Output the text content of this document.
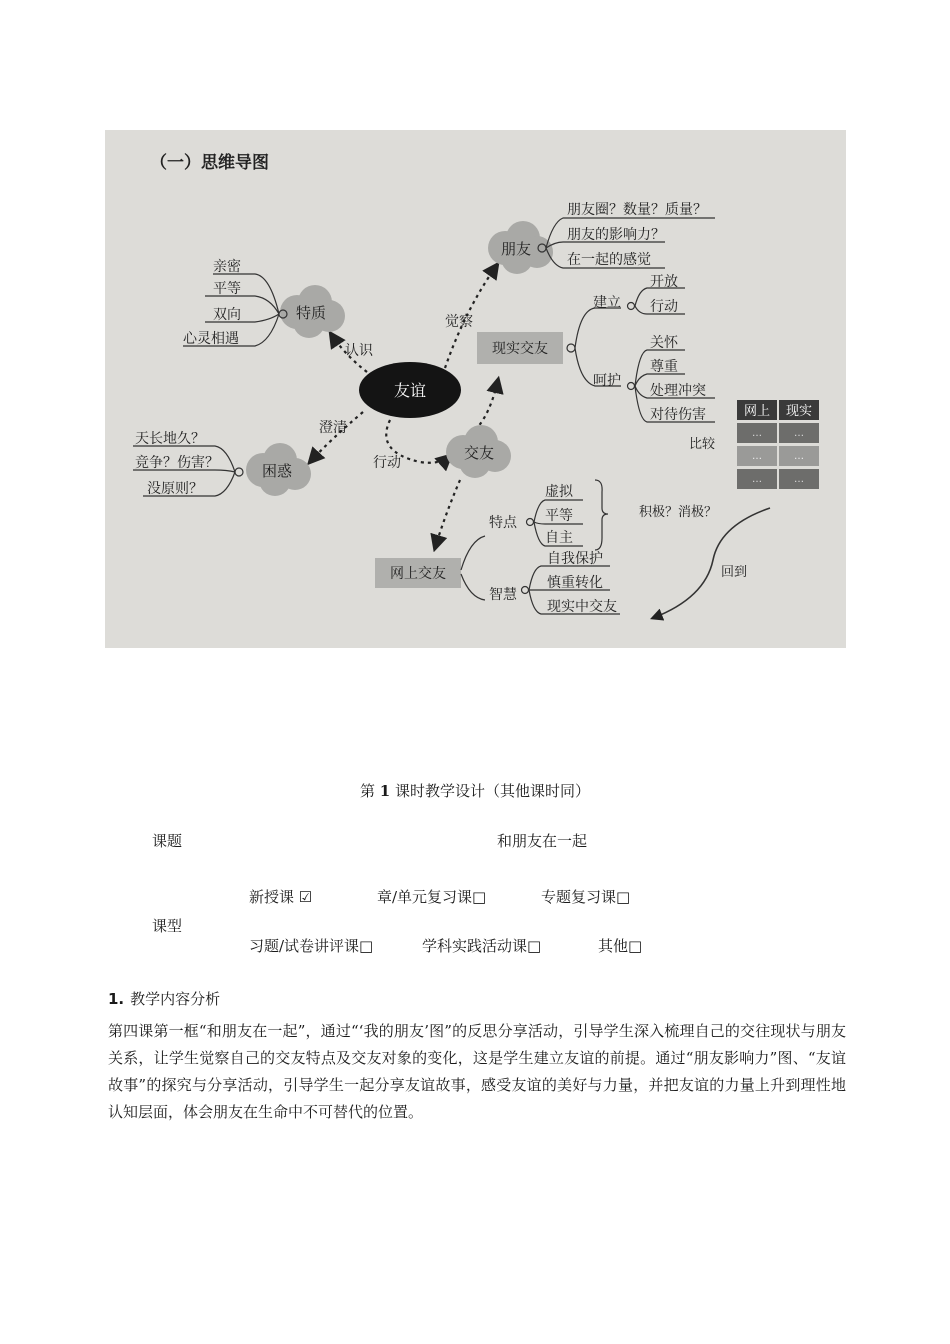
（一）思维导图
友谊
认识
觉察
澄清
行动
朋友
特质
困惑
交友
现实交友
网上交友
朋友圈？数量？质量？
朋友的影响力？
在一起的感觉
亲密
平等
双向
心灵相遇
天长地久？
竞争？伤害？
没原则？
建立
开放
行动
呵护
关怀
尊重
处理冲突
对待伤害
特点
虚拟
平等
自主
智慧
自我保护
慎重转化
现实中交友
网上 现实
…	…
…	…
…	…
比较
积极？消极？
回到
第 1 课时教学设计（其他课时同）
课题	和朋友在一起
课型
新授课 ☑	章/单元复习课□	专题复习课□
习题/试卷讲评课□	学科实践活动课□	其他□
1. 教学内容分析
第四课第一框“和朋友在一起”，通过“‘我的朋友’图”的反思分享活动，引导学生深入梳理自己的交往现状与朋友关系，让学生觉察自己的交友特点及交友对象的变化，这是学生建立友谊的前提。通过“朋友影响力”图、“友谊故事”的探究与分享活动，引导学生一起分享友谊故事，感受友谊的美好与力量，并把友谊的力量上升到理性地认知层面，体会朋友在生命中不可替代的位置。
